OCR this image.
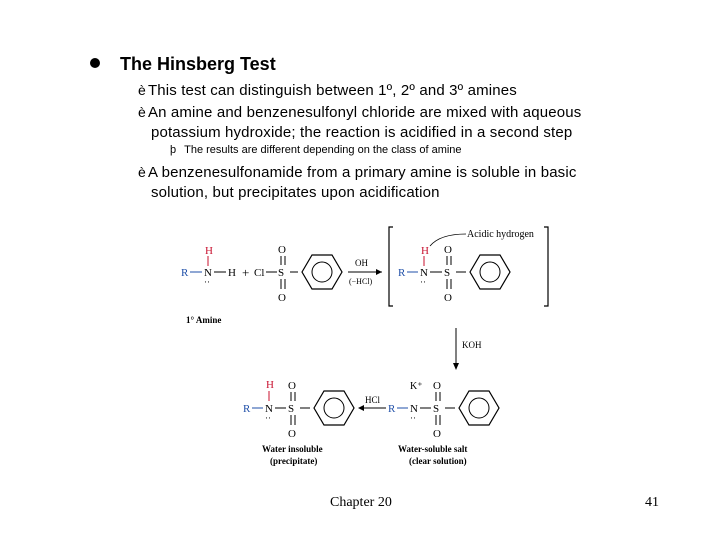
The Hinsberg Test
è This test can distinguish between 1º, 2º and 3º amines
è An amine and benzenesulfonyl chloride are mixed with aqueous
potassium hydroxide; the reaction is acidified in a second step
þ The results are different depending on the class of amine
è A benzenesulfonamide from a primary amine is soluble in basic
solution, but precipitates upon acidification
H
R N
··
H + Cl S
O
O
OH
(−HCl)
R N
··
H
S
O
O
Acidic hydrogen
1° Amine
KOH
H
R N
··
S
O
O
HCl
R N
··
K⁺
S
O
O
Water insoluble
(precipitate)
Water-soluble salt
(clear solution)
Chapter 20	41
